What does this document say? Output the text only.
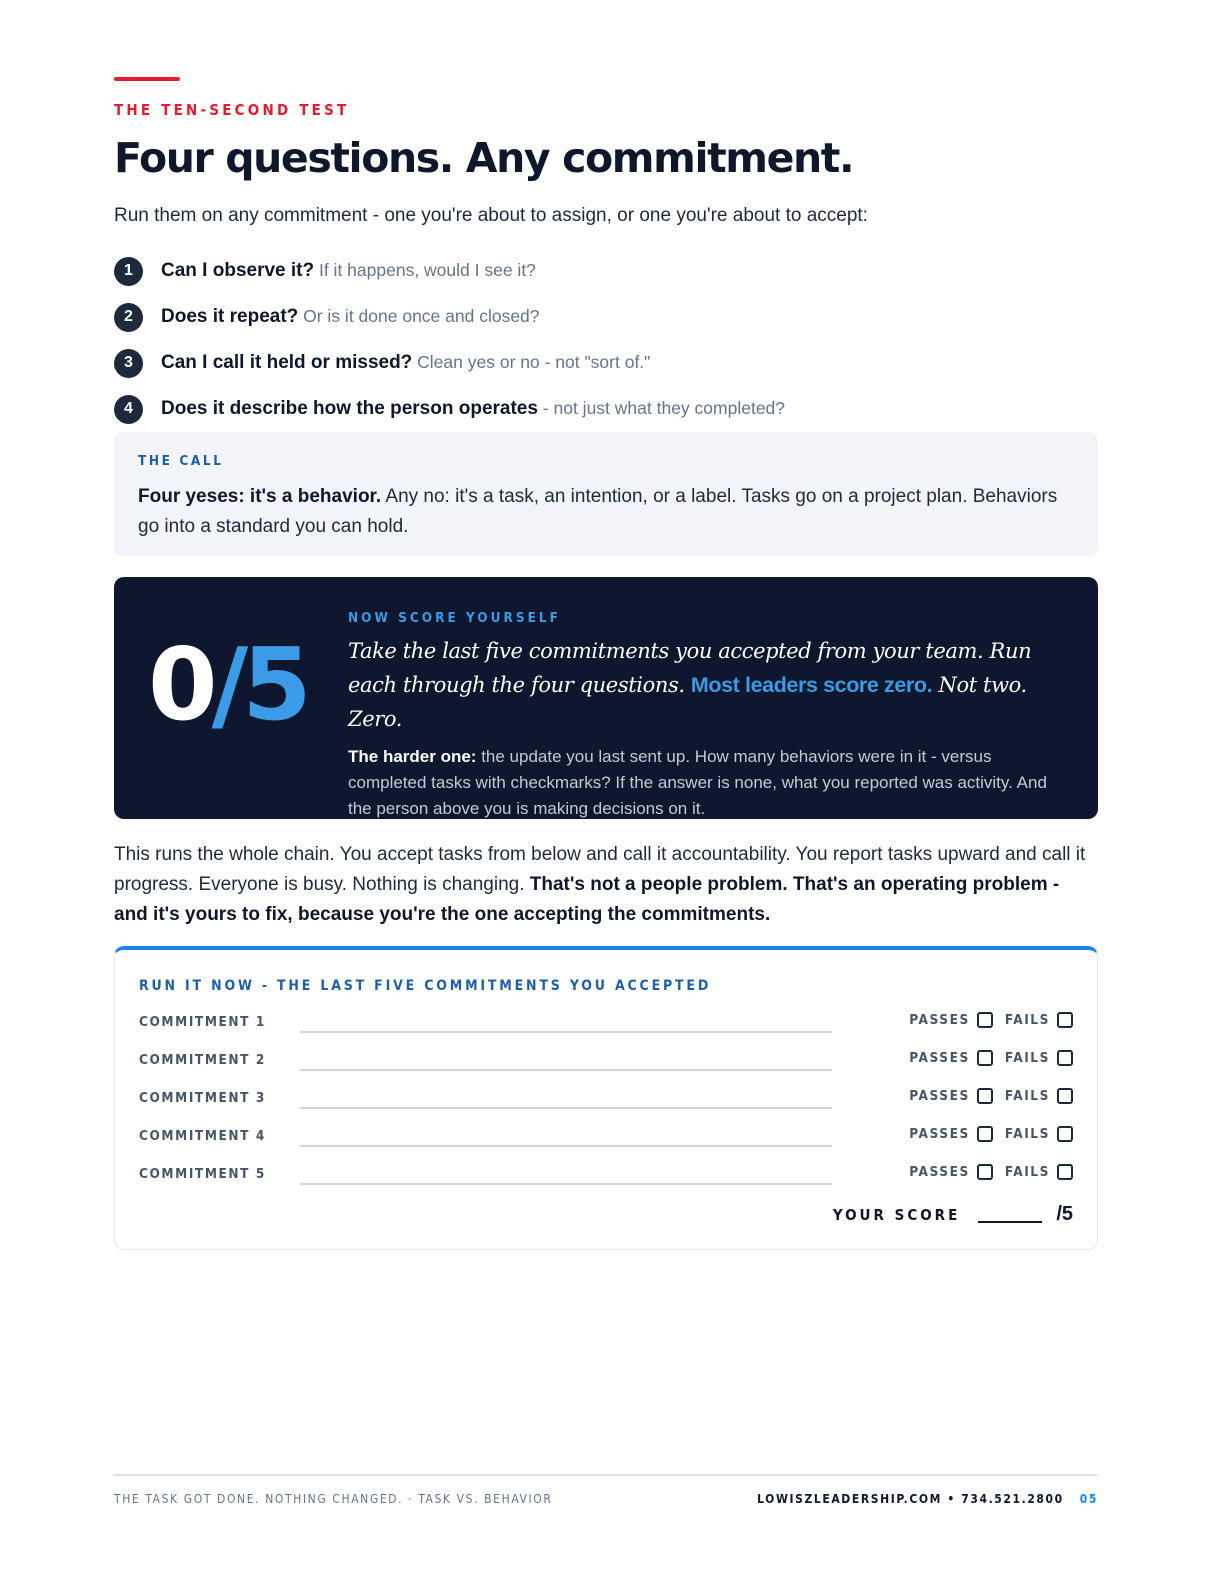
THE TEN-SECOND TEST
Four questions. Any commitment.

Run them on any commitment - one you're about to assign, or one you're about to accept:

1	Can I observe it? If it happens, would I see it?
2	Does it repeat? Or is it done once and closed?
3	Can I call it held or missed? Clean yes or no - not "sort of."
4	Does it describe how the person operates - not just what they completed?
THE CALL

Four yeses: it's a behavior. Any no: it's a task, an intention, or a label. Tasks go on a project plan. Behaviors go into a standard you can hold.

0/5
NOW SCORE YOURSELF

Take the last five commitments you accepted from your team. Run each through the four questions. Most leaders score zero. Not two. Zero.

The harder one: the update you last sent up. How many behaviors were in it - versus completed tasks with checkmarks? If the answer is none, what you reported was activity. And the person above you is making decisions on it.

This runs the whole chain. You accept tasks from below and call it accountability. You report tasks upward and call it progress. Everyone is busy. Nothing is changing. That's not a people problem. That's an operating problem - and it's yours to fix, because you're the one accepting the commitments.

RUN IT NOW - THE LAST FIVE COMMITMENTS YOU ACCEPTED
COMMITMENT 1	PASSES	FAILS
COMMITMENT 2	PASSES	FAILS
COMMITMENT 3	PASSES	FAILS
COMMITMENT 4	PASSES	FAILS
COMMITMENT 5	PASSES	FAILS
YOUR SCORE	/5
THE TASK GOT DONE. NOTHING CHANGED. · TASK VS. BEHAVIOR	LOWISZLEADERSHIP.COM • 734.521.2800 05
